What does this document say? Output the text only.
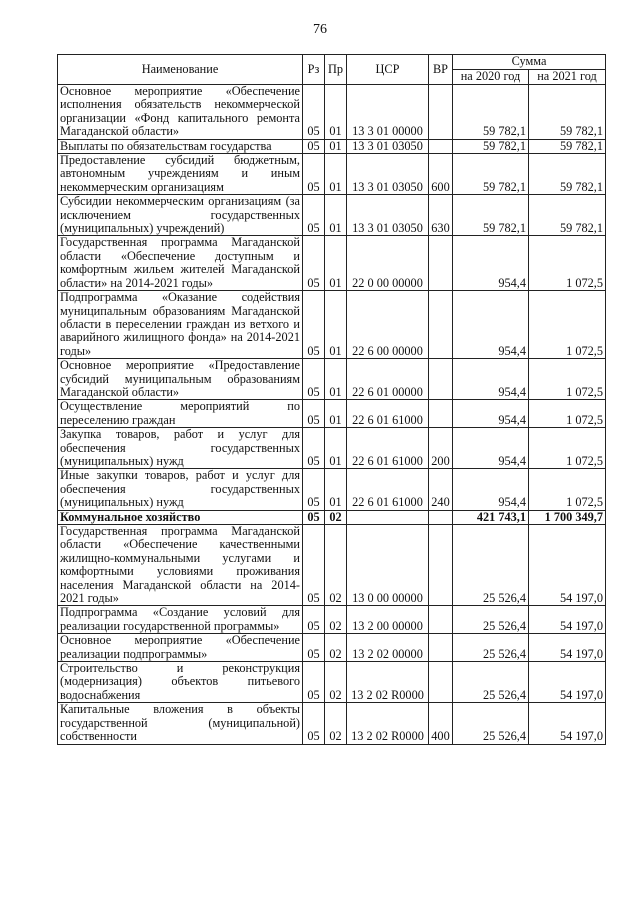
76
Наименование	Рз	Пр	ЦСР	ВР	Сумма	
					на 2020 год	на 2021 год
Основное мероприятие «Обеспечение исполнения обязательств некоммерческой организации «Фонд капитального ремонта Магаданской области»	05	01	13 3 01 00000		59 782,1	59 782,1
Выплаты по обязательствам государства	05	01	13 3 01 03050		59 782,1	59 782,1
Предоставление субсидий бюджетным, автономным учреждениям и иным некоммерческим организациям	05	01	13 3 01 03050	600	59 782,1	59 782,1
Субсидии некоммерческим организациям (за исключением государственных (муниципальных) учреждений)	05	01	13 3 01 03050	630	59 782,1	59 782,1
Государственная программа Магаданской области «Обеспечение доступным и комфортным жильем жителей Магаданской области» на 2014-2021 годы»	05	01	22 0 00 00000		954,4	1 072,5
Подпрограмма «Оказание содействия муниципальным образованиям Магаданской области в переселении граждан из ветхого и аварийного жилищного фонда» на 2014-2021 годы»	05	01	22 6 00 00000		954,4	1 072,5
Основное мероприятие «Предоставление субсидий муниципальным образованиям Магаданской области»	05	01	22 6 01 00000		954,4	1 072,5
Осуществление мероприятий по переселению граждан	05	01	22 6 01 61000		954,4	1 072,5
Закупка товаров, работ и услуг для обеспечения государственных (муниципальных) нужд	05	01	22 6 01 61000	200	954,4	1 072,5
Иные закупки товаров, работ и услуг для обеспечения государственных (муниципальных) нужд	05	01	22 6 01 61000	240	954,4	1 072,5
Коммунальное хозяйство	05	02			421 743,1	1 700 349,7
Государственная программа Магаданской области «Обеспечение качественными жилищно-коммунальными услугами и комфортными условиями проживания населения Магаданской области на 2014-2021 годы»	05	02	13 0 00 00000		25 526,4	54 197,0
Подпрограмма «Создание условий для реализации государственной программы»	05	02	13 2 00 00000		25 526,4	54 197,0
Основное мероприятие «Обеспечение реализации подпрограммы»	05	02	13 2 02 00000		25 526,4	54 197,0
Строительство и реконструкция (модернизация) объектов питьевого водоснабжения	05	02	13 2 02 R0000		25 526,4	54 197,0
Капитальные вложения в объекты государственной (муниципальной) собственности	05	02	13 2 02 R0000	400	25 526,4	54 197,0
